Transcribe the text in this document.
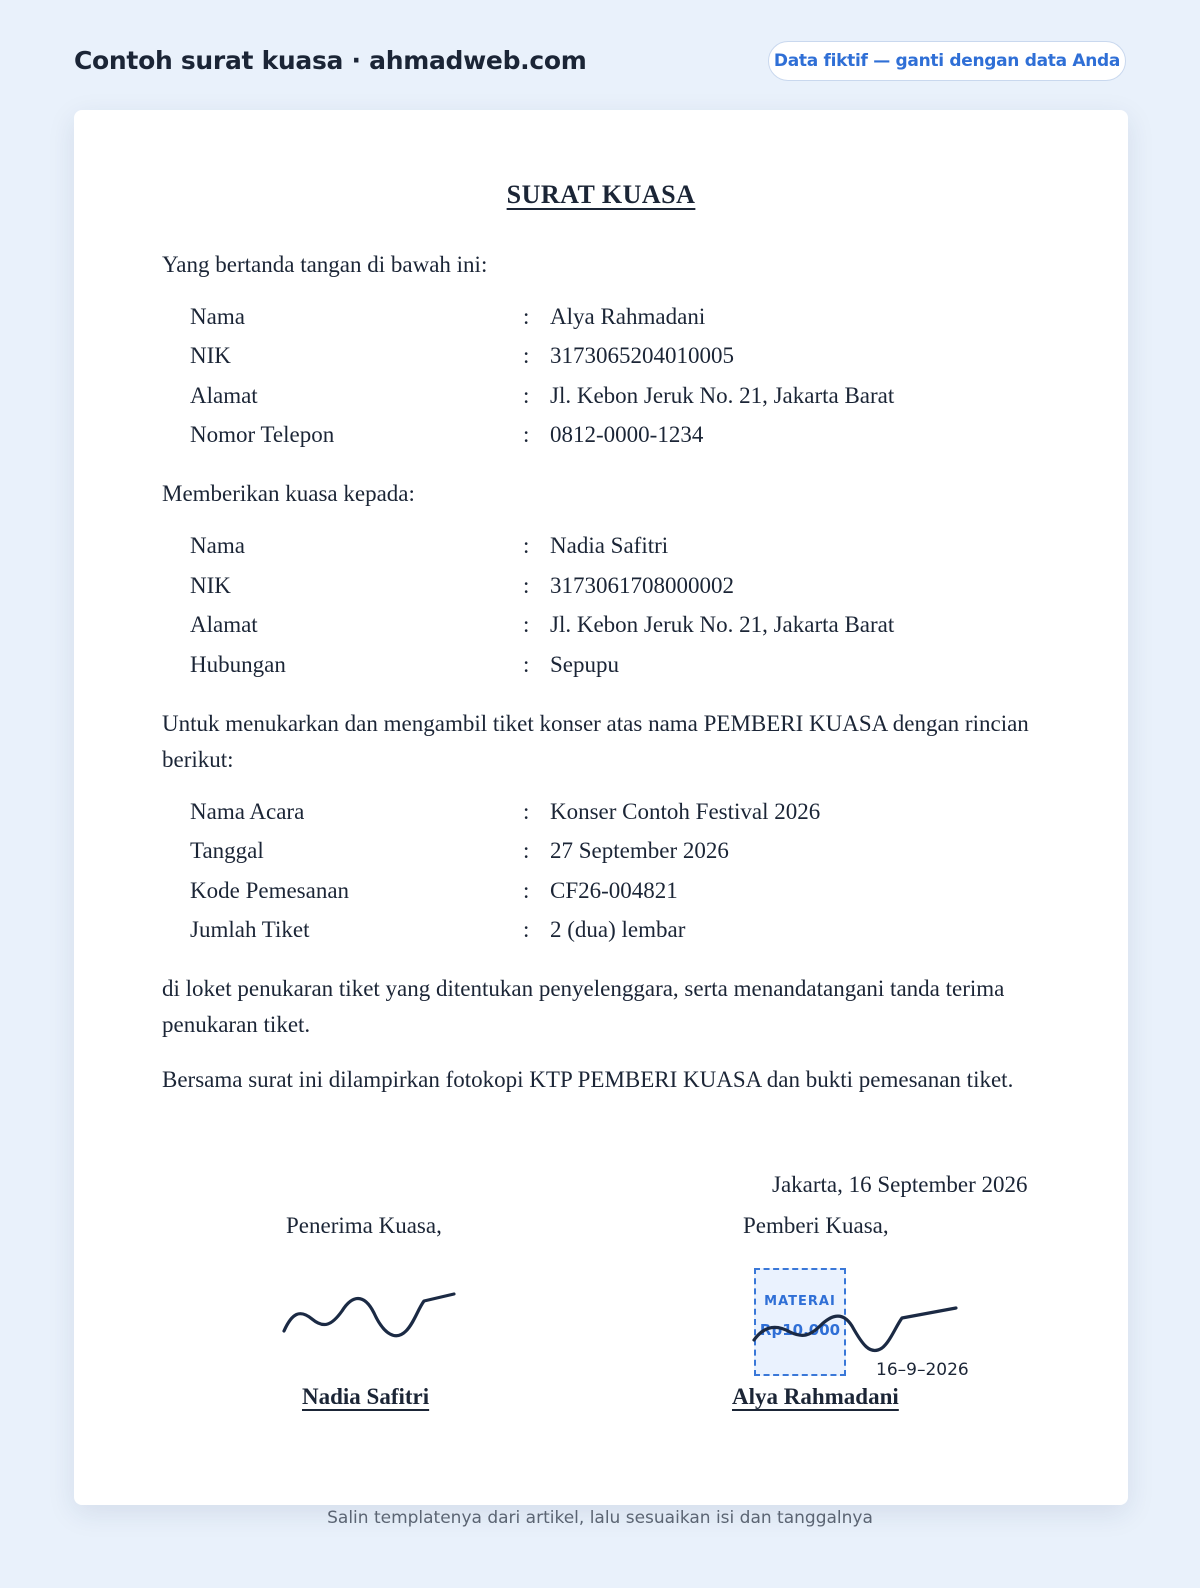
Contoh surat kuasa · ahmadweb.com	Data fiktif — ganti dengan data Anda
SURAT KUASA

Yang bertanda tangan di bawah ini:

Nama	: Alya Rahmadani
NIK	: 3173065204010005
Alamat	: Jl. Kebon Jeruk No. 21, Jakarta Barat
Nomor Telepon	: 0812-0000-1234

Memberikan kuasa kepada:

Nama	: Nadia Safitri
NIK	: 3173061708000002
Alamat	: Jl. Kebon Jeruk No. 21, Jakarta Barat
Hubungan	: Sepupu

Untuk menukarkan dan mengambil tiket konser atas nama PEMBERI KUASA dengan rincian berikut:

Nama Acara	: Konser Contoh Festival 2026
Tanggal	: 27 September 2026
Kode Pemesanan	: CF26-004821
Jumlah Tiket	: 2 (dua) lembar

di loket penukaran tiket yang ditentukan penyelenggara, serta menandatangani tanda terima penukaran tiket.

Bersama surat ini dilampirkan fotokopi KTP PEMBERI KUASA dan bukti pemesanan tiket.

Jakarta, 16 September 2026
Penerima Kuasa,
Nadia Safitri
Pemberi Kuasa,
MATERAI
Rp10.000
16–9–2026
Alya Rahmadani
Salin templatenya dari artikel, lalu sesuaikan isi dan tanggalnya
